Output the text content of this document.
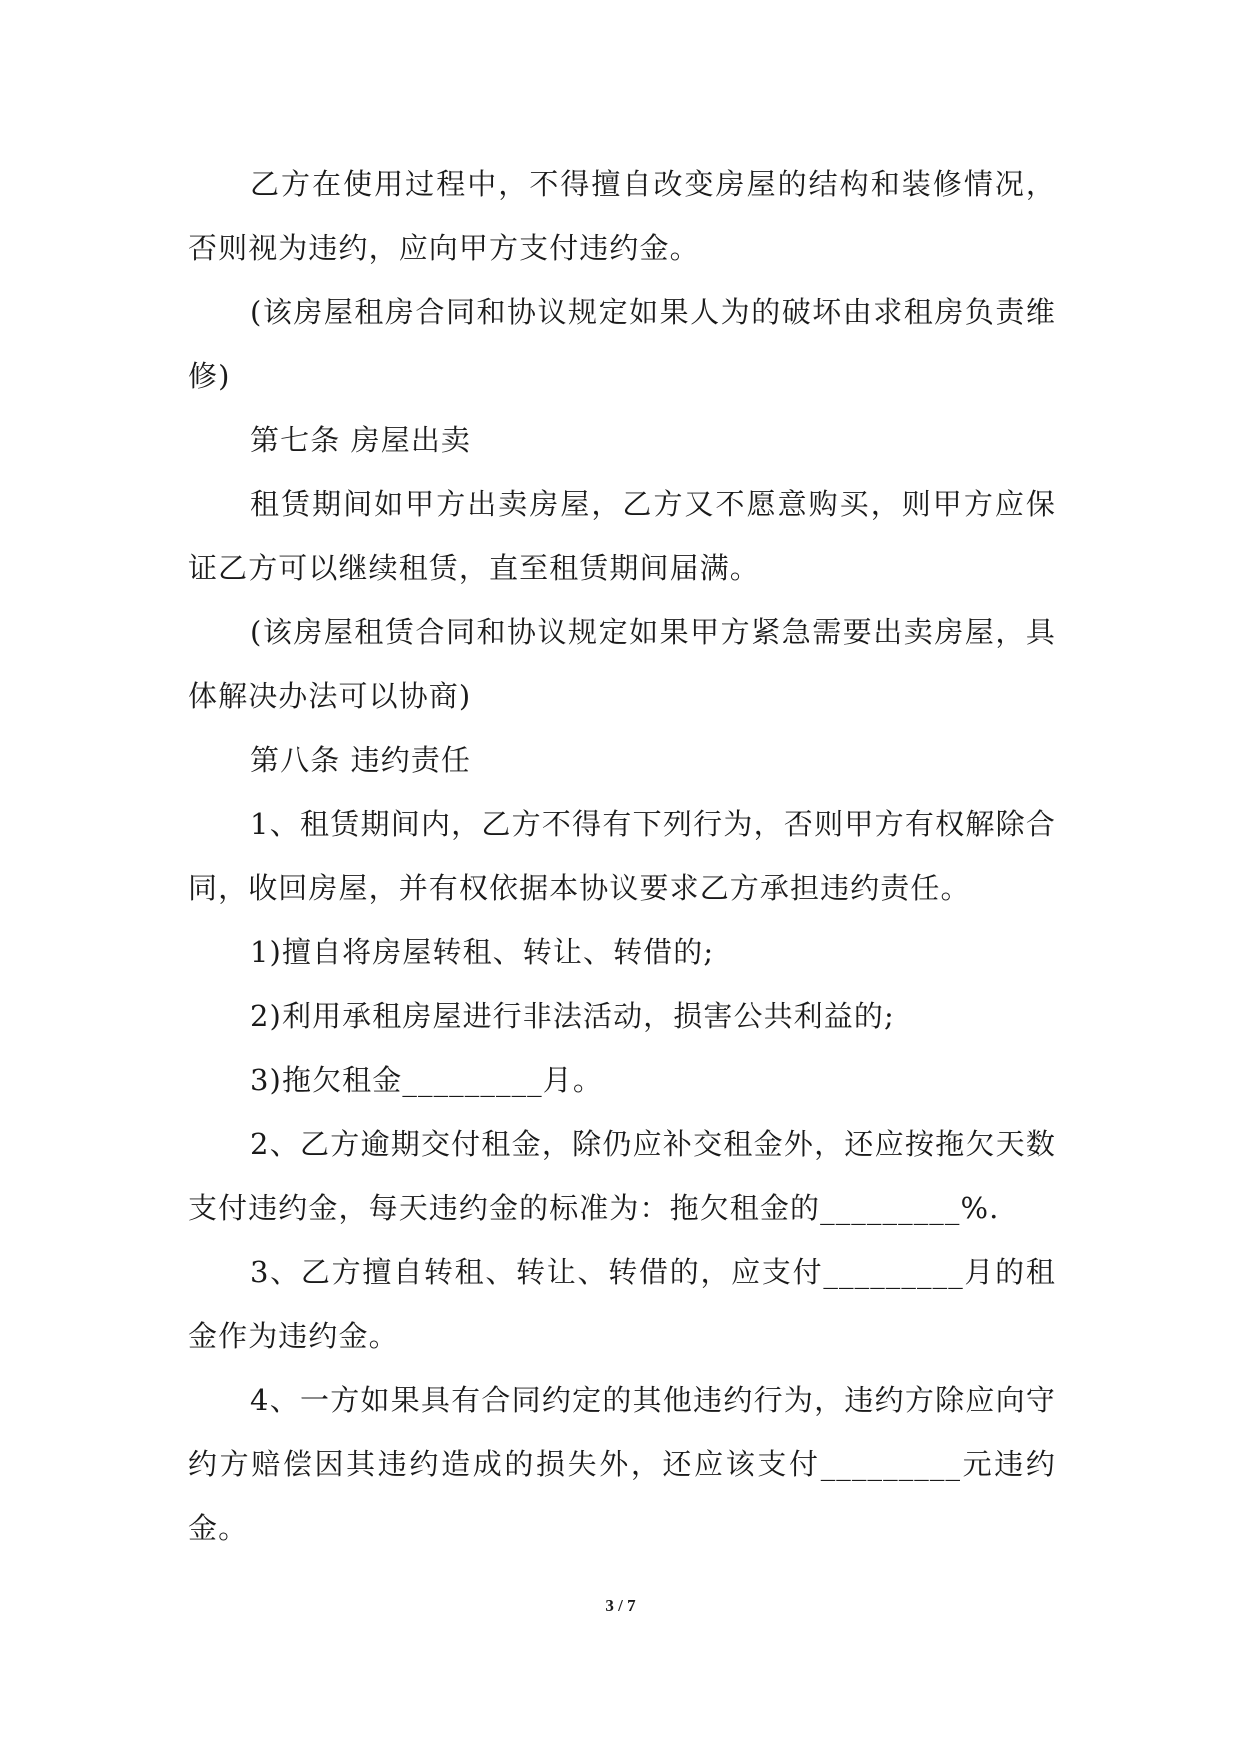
乙方在使用过程中，不得擅自改变房屋的结构和装修情况，否则视为违约，应向甲方支付违约金。

(该房屋租房合同和协议规定如果人为的破坏由求租房负责维修)

第七条 房屋出卖

租赁期间如甲方出卖房屋，乙方又不愿意购买，则甲方应保证乙方可以继续租赁，直至租赁期间届满。

(该房屋租赁合同和协议规定如果甲方紧急需要出卖房屋，具体解决办法可以协商)

第八条 违约责任

1、租赁期间内，乙方不得有下列行为，否则甲方有权解除合同，收回房屋，并有权依据本协议要求乙方承担违约责任。

1)擅自将房屋转租、转让、转借的;

2)利用承租房屋进行非法活动，损害公共利益的;

3)拖欠租金_________月。

2、乙方逾期交付租金，除仍应补交租金外，还应按拖欠天数支付违约金，每天违约金的标准为：拖欠租金的_________%.

3、乙方擅自转租、转让、转借的，应支付_________月的租金作为违约金。

4、一方如果具有合同约定的其他违约行为，违约方除应向守约方赔偿因其违约造成的损失外，还应该支付_________元违约金。

3 / 7
